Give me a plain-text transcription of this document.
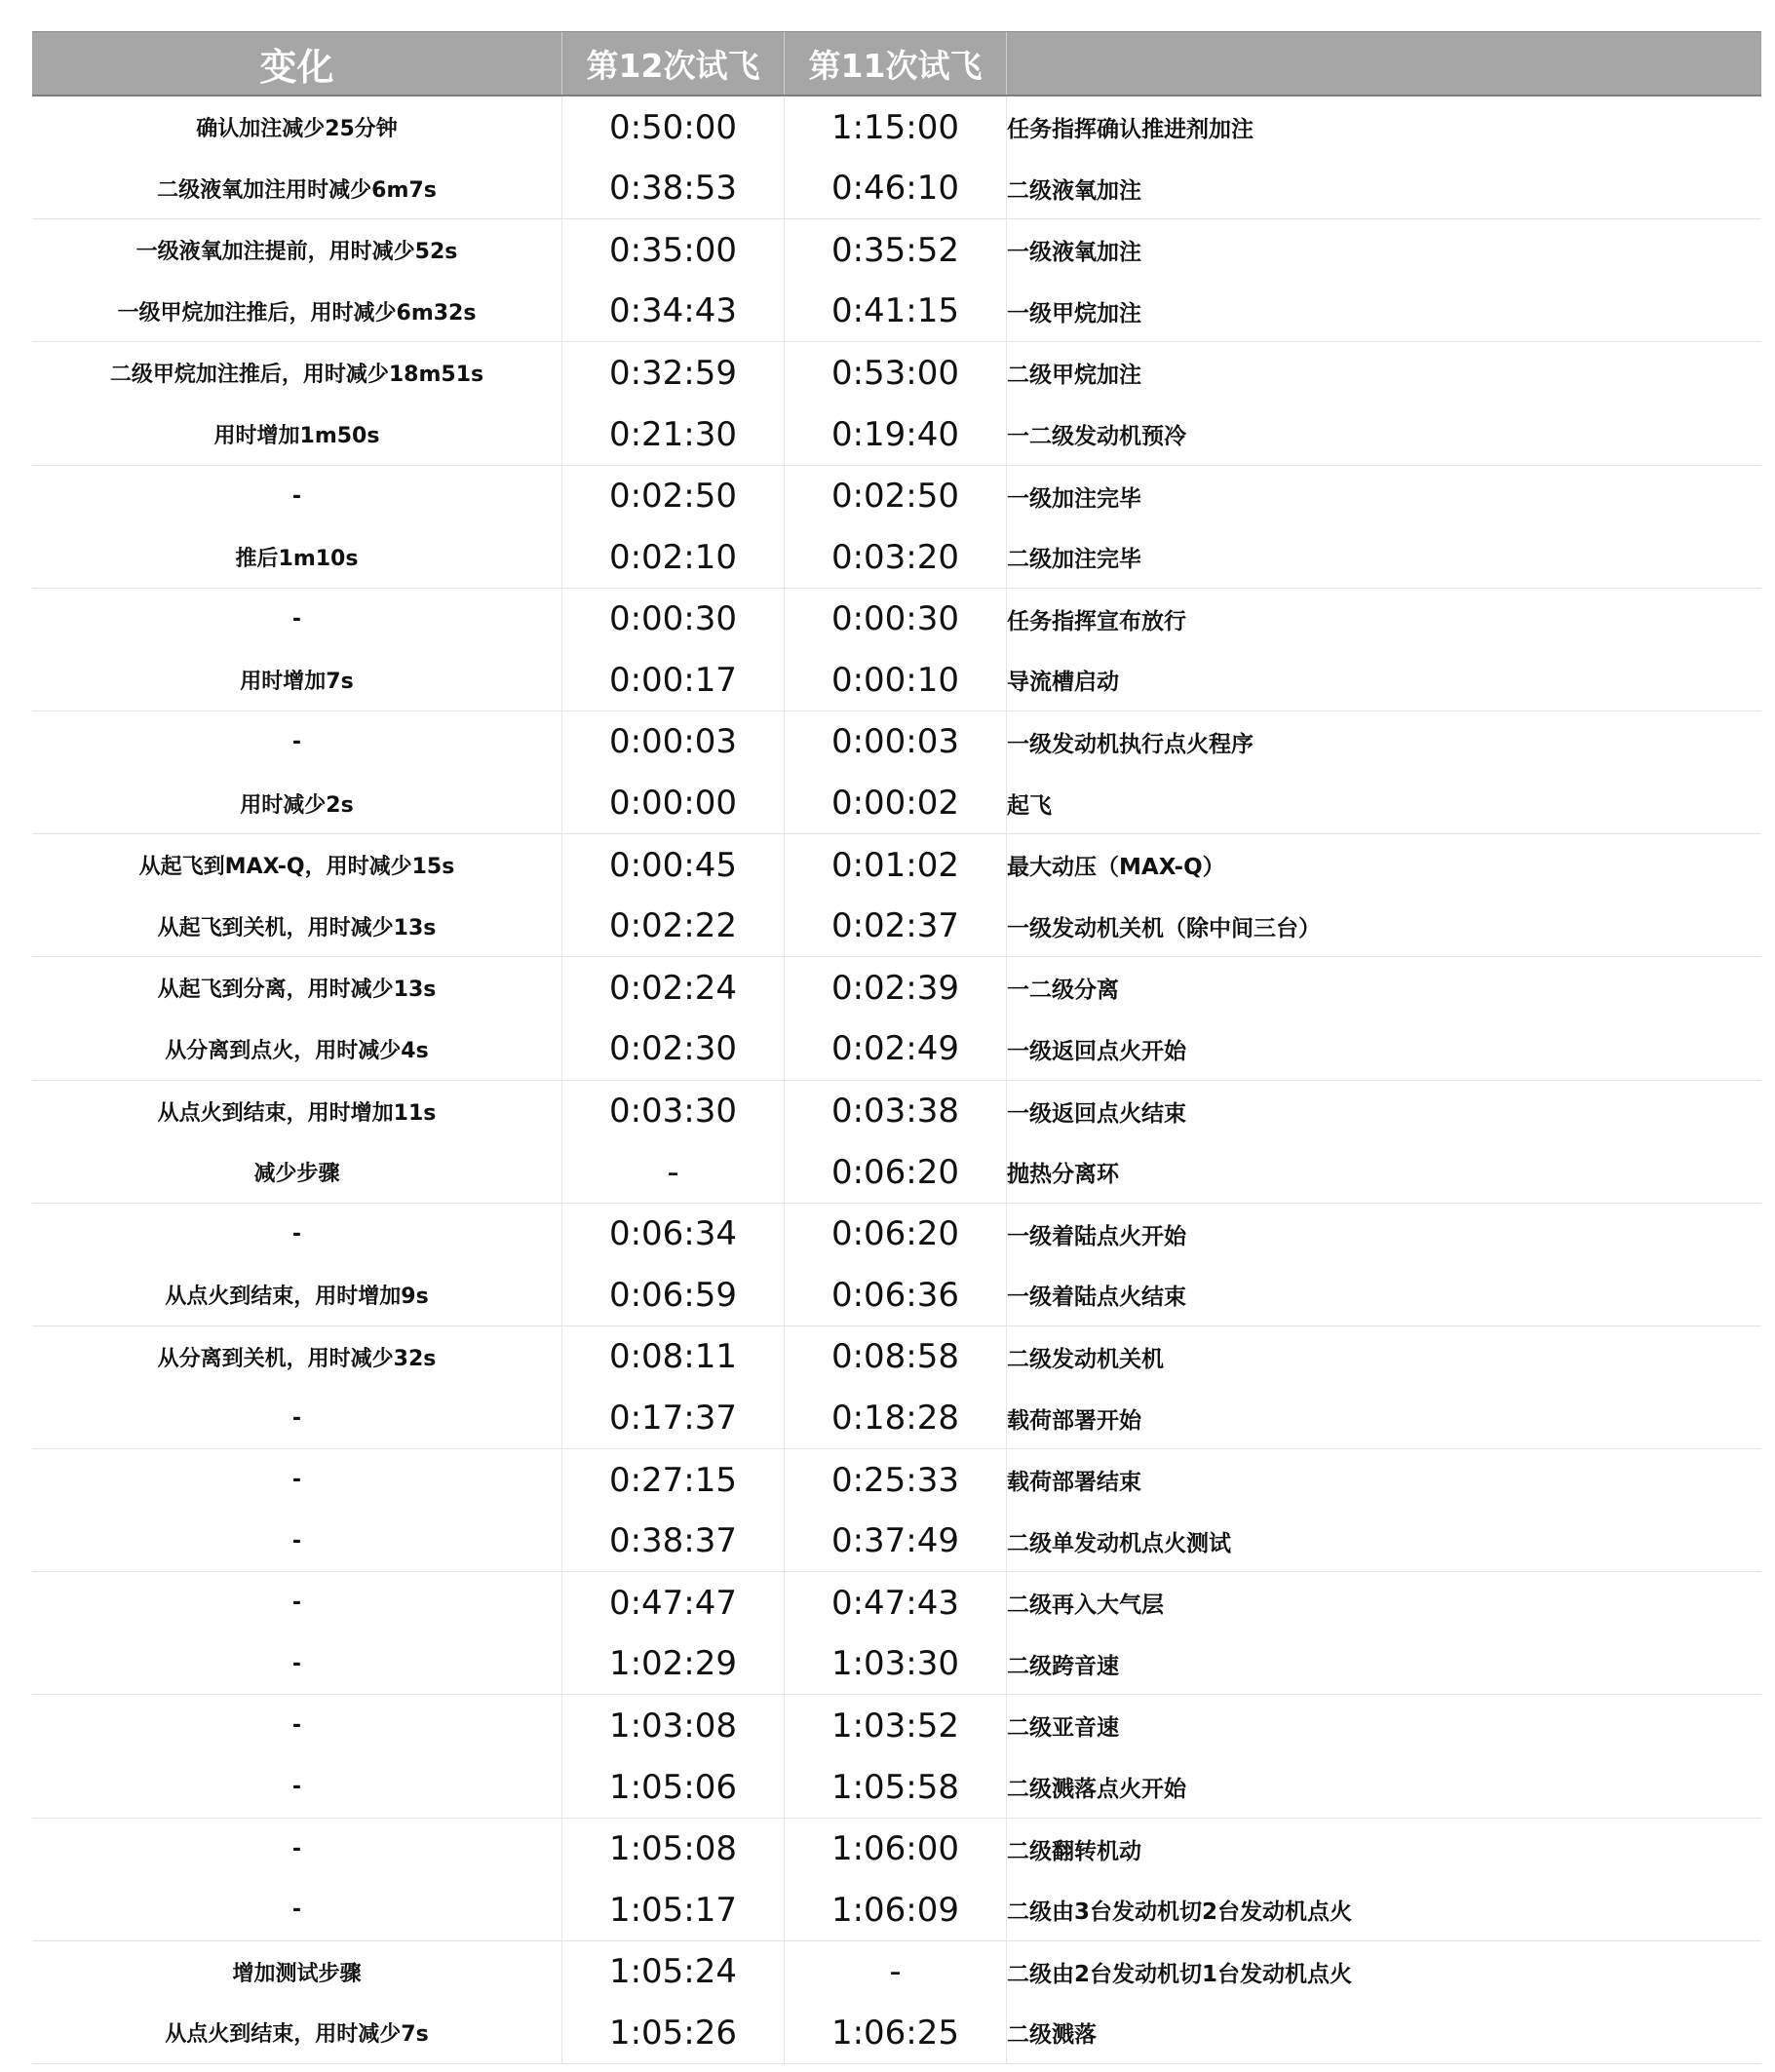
变化	第12次试飞	第11次试飞
确认加注减少25分钟	0:50:00	1:15:00	任务指挥确认推进剂加注
二级液氧加注用时减少6m7s	0:38:53	0:46:10	二级液氧加注
一级液氧加注提前，用时减少52s	0:35:00	0:35:52	一级液氧加注
一级甲烷加注推后，用时减少6m32s	0:34:43	0:41:15	一级甲烷加注
二级甲烷加注推后，用时减少18m51s	0:32:59	0:53:00	二级甲烷加注
用时增加1m50s	0:21:30	0:19:40	一二级发动机预冷
-	0:02:50	0:02:50	一级加注完毕
推后1m10s	0:02:10	0:03:20	二级加注完毕
-	0:00:30	0:00:30	任务指挥宣布放行
用时增加7s	0:00:17	0:00:10	导流槽启动
-	0:00:03	0:00:03	一级发动机执行点火程序
用时减少2s	0:00:00	0:00:02	起飞
从起飞到MAX-Q，用时减少15s	0:00:45	0:01:02	最大动压（MAX-Q）
从起飞到关机，用时减少13s	0:02:22	0:02:37	一级发动机关机（除中间三台）
从起飞到分离，用时减少13s	0:02:24	0:02:39	一二级分离
从分离到点火，用时减少4s	0:02:30	0:02:49	一级返回点火开始
从点火到结束，用时增加11s	0:03:30	0:03:38	一级返回点火结束
减少步骤	-	0:06:20	抛热分离环
-	0:06:34	0:06:20	一级着陆点火开始
从点火到结束，用时增加9s	0:06:59	0:06:36	一级着陆点火结束
从分离到关机，用时减少32s	0:08:11	0:08:58	二级发动机关机
-	0:17:37	0:18:28	载荷部署开始
-	0:27:15	0:25:33	载荷部署结束
-	0:38:37	0:37:49	二级单发动机点火测试
-	0:47:47	0:47:43	二级再入大气层
-	1:02:29	1:03:30	二级跨音速
-	1:03:08	1:03:52	二级亚音速
-	1:05:06	1:05:58	二级溅落点火开始
-	1:05:08	1:06:00	二级翻转机动
-	1:05:17	1:06:09	二级由3台发动机切2台发动机点火
增加测试步骤	1:05:24	-	二级由2台发动机切1台发动机点火
从点火到结束，用时减少7s	1:05:26	1:06:25	二级溅落
